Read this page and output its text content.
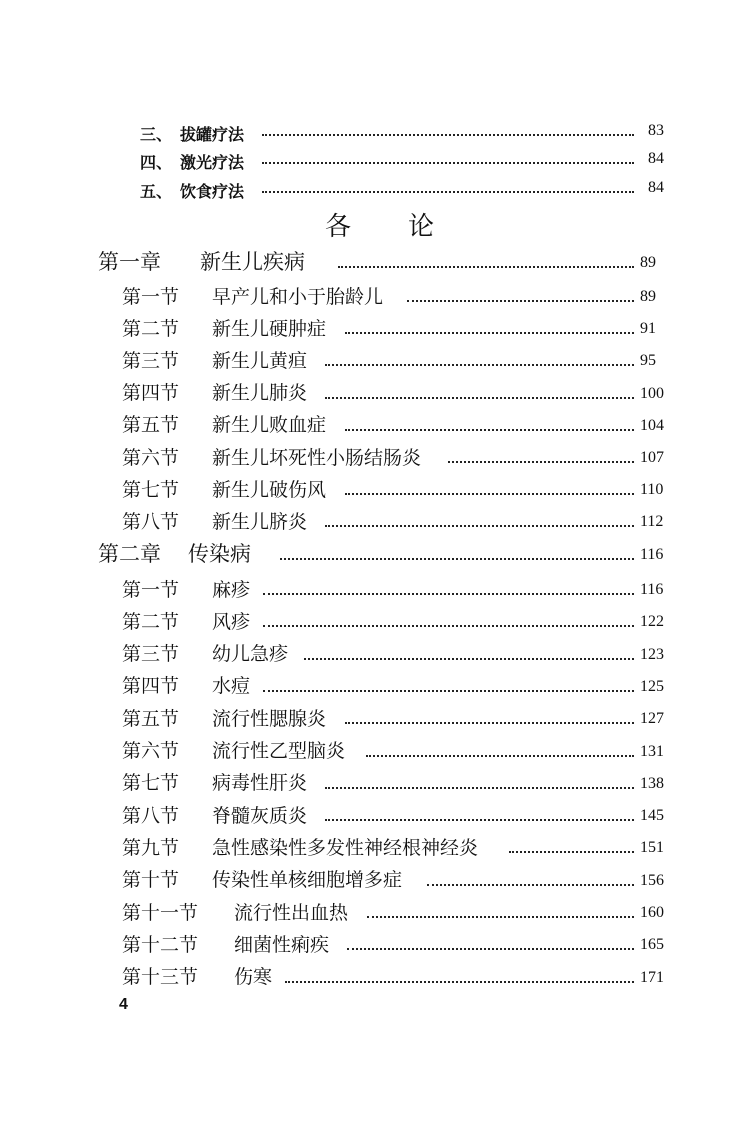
三、 拔罐疗法	83
四、 激光疗法	84
五、 饮食疗法	84
各 论
第一章 新生儿疾病	89
第一节 早产儿和小于胎龄儿	89
第二节 新生儿硬肿症	91
第三节 新生儿黄疸	95
第四节 新生儿肺炎	100
第五节 新生儿败血症	104
第六节 新生儿坏死性小肠结肠炎	107
第七节 新生儿破伤风	110
第八节 新生儿脐炎	112
第二章 传染病	116
第一节 麻疹	116
第二节 风疹	122
第三节 幼儿急疹	123
第四节 水痘	125
第五节 流行性腮腺炎	127
第六节 流行性乙型脑炎	131
第七节 病毒性肝炎	138
第八节 脊髓灰质炎	145
第九节 急性感染性多发性神经根神经炎	151
第十节 传染性单核细胞增多症	156
第十一节 流行性出血热	160
第十二节 细菌性痢疾	165
第十三节 伤寒	171
4
